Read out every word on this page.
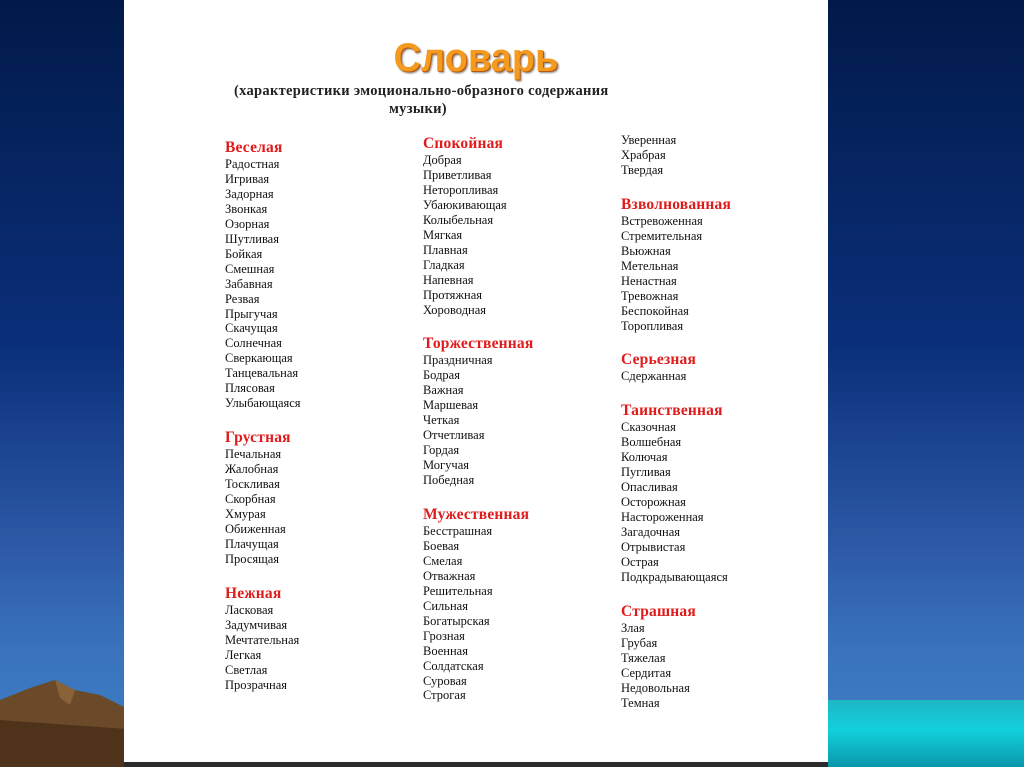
Словарь
(характеристики эмоционально-образного содержания
музыки)
Веселая
Радостная
Игривая
Задорная
Звонкая
Озорная
Шутливая
Бойкая
Смешная
Забавная
Резвая
Прыгучая
Скачущая
Солнечная
Сверкающая
Танцевальная
Плясовая
Улыбающаяся
Грустная
Печальная
Жалобная
Тоскливая
Скорбная
Хмурая
Обиженная
Плачущая
Просящая
Нежная
Ласковая
Задумчивая
Мечтательная
Легкая
Светлая
Прозрачная
Спокойная
Добрая
Приветливая
Неторопливая
Убаюкивающая
Колыбельная
Мягкая
Плавная
Гладкая
Напевная
Протяжная
Хороводная
Торжественная
Праздничная
Бодрая
Важная
Маршевая
Четкая
Отчетливая
Гордая
Могучая
Победная
Мужественная
Бесстрашная
Боевая
Смелая
Отважная
Решительная
Сильная
Богатырская
Грозная
Военная
Солдатская
Суровая
Строгая
Уверенная
Храбрая
Твердая
Взволнованная
Встревоженная
Стремительная
Вьюжная
Метельная
Ненастная
Тревожная
Беспокойная
Торопливая
Серьезная
Сдержанная
Таинственная
Сказочная
Волшебная
Колючая
Пугливая
Опасливая
Осторожная
Настороженная
Загадочная
Отрывистая
Острая
Подкрадывающаяся
Страшная
Злая
Грубая
Тяжелая
Сердитая
Недовольная
Темная
